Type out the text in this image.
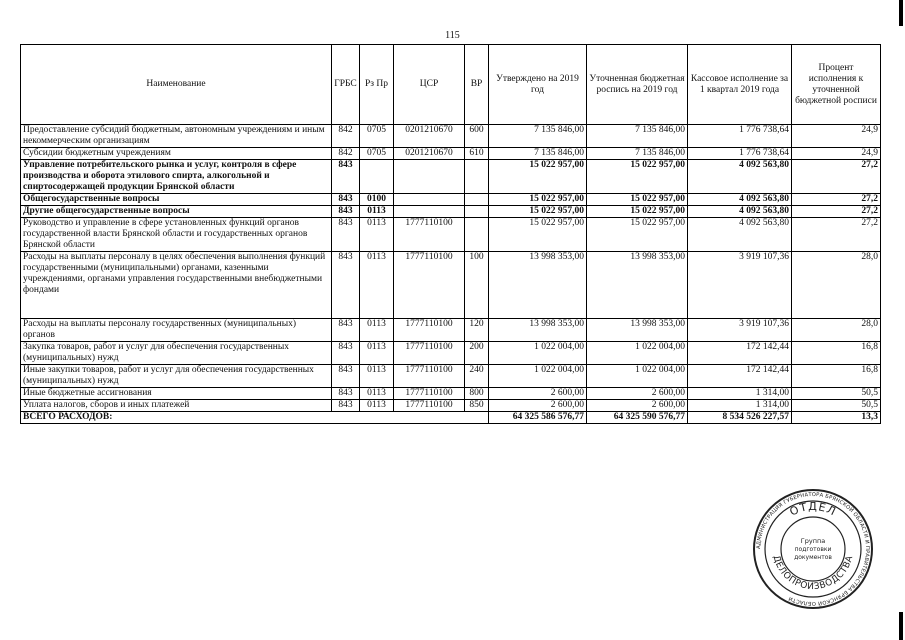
115
Наименование	ГРБС	Рз Пр	ЦСР	ВР	Утверждено на 2019 год	Уточненная бюджетная роспись на 2019 год	Кассовое исполнение за 1 квартал 2019 года	Процент исполнения к уточненной бюджетной росписи
Предоставление субсидий бюджетным, автономным учреждениям и иным некоммерческим организациям	842	0705	0201210670	600	7 135 846,00	7 135 846,00	1 776 738,64	24,9
Субсидии бюджетным учреждениям	842	0705	0201210670	610	7 135 846,00	7 135 846,00	1 776 738,64	24,9
Управление потребительского рынка и услуг, контроля в сфере производства и оборота этилового спирта, алкогольной и спиртосодержащей продукции Брянской области	843				15 022 957,00	15 022 957,00	4 092 563,80	27,2
Общегосударственные вопросы	843	0100			15 022 957,00	15 022 957,00	4 092 563,80	27,2
Другие общегосударственные вопросы	843	0113			15 022 957,00	15 022 957,00	4 092 563,80	27,2
Руководство и управление в сфере установленных функций органов государственной власти Брянской области и государственных органов Брянской области	843	0113	1777110100		15 022 957,00	15 022 957,00	4 092 563,80	27,2
Расходы на выплаты персоналу в целях обеспечения выполнения функций государственными (муниципальными) органами, казенными учреждениями, органами управления государственными внебюджетными фондами	843	0113	1777110100	100	13 998 353,00	13 998 353,00	3 919 107,36	28,0
Расходы на выплаты персоналу государственных (муниципальных) органов	843	0113	1777110100	120	13 998 353,00	13 998 353,00	3 919 107,36	28,0
Закупка товаров, работ и услуг для обеспечения государственных (муниципальных) нужд	843	0113	1777110100	200	1 022 004,00	1 022 004,00	172 142,44	16,8
Иные закупки товаров, работ и услуг для обеспечения государственных (муниципальных) нужд	843	0113	1777110100	240	1 022 004,00	1 022 004,00	172 142,44	16,8
Иные бюджетные ассигнования	843	0113	1777110100	800	2 600,00	2 600,00	1 314,00	50,5
Уплата налогов, сборов и иных платежей	843	0113	1777110100	850	2 600,00	2 600,00	1 314,00	50,5
ВСЕГО РАСХОДОВ:					64 325 586 576,77	64 325 590 576,77	8 534 526 227,57	13,3
АДМИНИСТРАЦИЯ ГУБЕРНАТОРА БРЯНСКОЙ ОБЛАСТИ И ПРАВИТЕЛЬСТВА БРЯНСКОЙ ОБЛАСТИ
ОТДЕЛ
ДЕЛОПРОИЗВОДСТВА
Группа
подготовки
документов
